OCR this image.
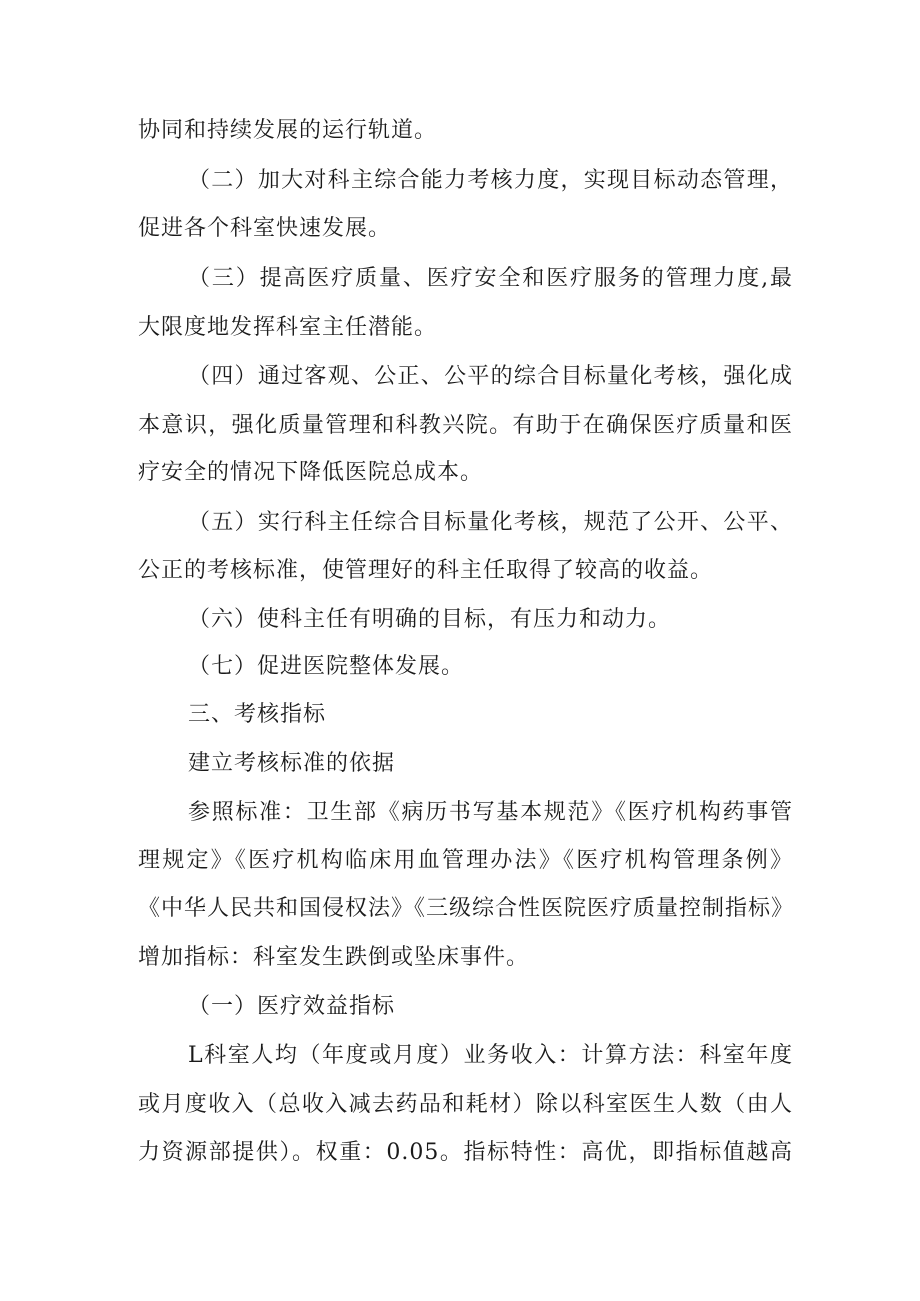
协同和持续发展的运行轨道。
（二）加大对科主综合能力考核力度，实现目标动态管理，
促进各个科室快速发展。
（三）提高医疗质量、医疗安全和医疗服务的管理力度,最
大限度地发挥科室主任潜能。
（四）通过客观、公正、公平的综合目标量化考核，强化成
本意识，强化质量管理和科教兴院。有助于在确保医疗质量和医
疗安全的情况下降低医院总成本。
（五）实行科主任综合目标量化考核，规范了公开、公平、
公正的考核标准，使管理好的科主任取得了较高的收益。
（六）使科主任有明确的目标，有压力和动力。
（七）促进医院整体发展。
三、考核指标
建立考核标准的依据
参照标准：卫生部《病历书写基本规范》《医疗机构药事管
理规定》《医疗机构临床用血管理办法》《医疗机构管理条例》
《中华人民共和国侵权法》《三级综合性医院医疗质量控制指标》
增加指标：科室发生跌倒或坠床事件。
（一）医疗效益指标
L科室人均（年度或月度）业务收入：计算方法：科室年度
或月度收入（总收入减去药品和耗材）除以科室医生人数（由人
力资源部提供）。权重：0.05。指标特性：高优，即指标值越高
